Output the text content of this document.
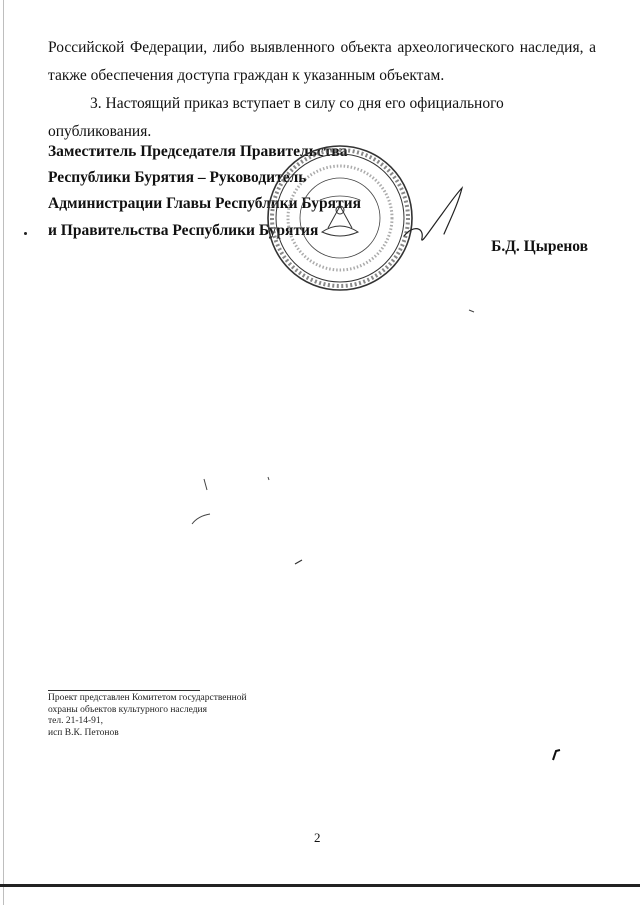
Российской Федерации, либо выявленного объекта археологического наследия, а

также обеспечения доступа граждан к указанным объектам.

3. Настоящий приказ вступает в силу со дня его официального опубликования.

Заместитель Председателя Правительства

Республики Бурятия – Руководитель

Администрации Главы Республики Бурятия

и Правительства Республики Бурятия

Б.Д. Цыренов

Проект представлен Комитетом государственной
охраны объектов культурного наследия
тел. 21-14-91,
исп В.К. Петонов
2
